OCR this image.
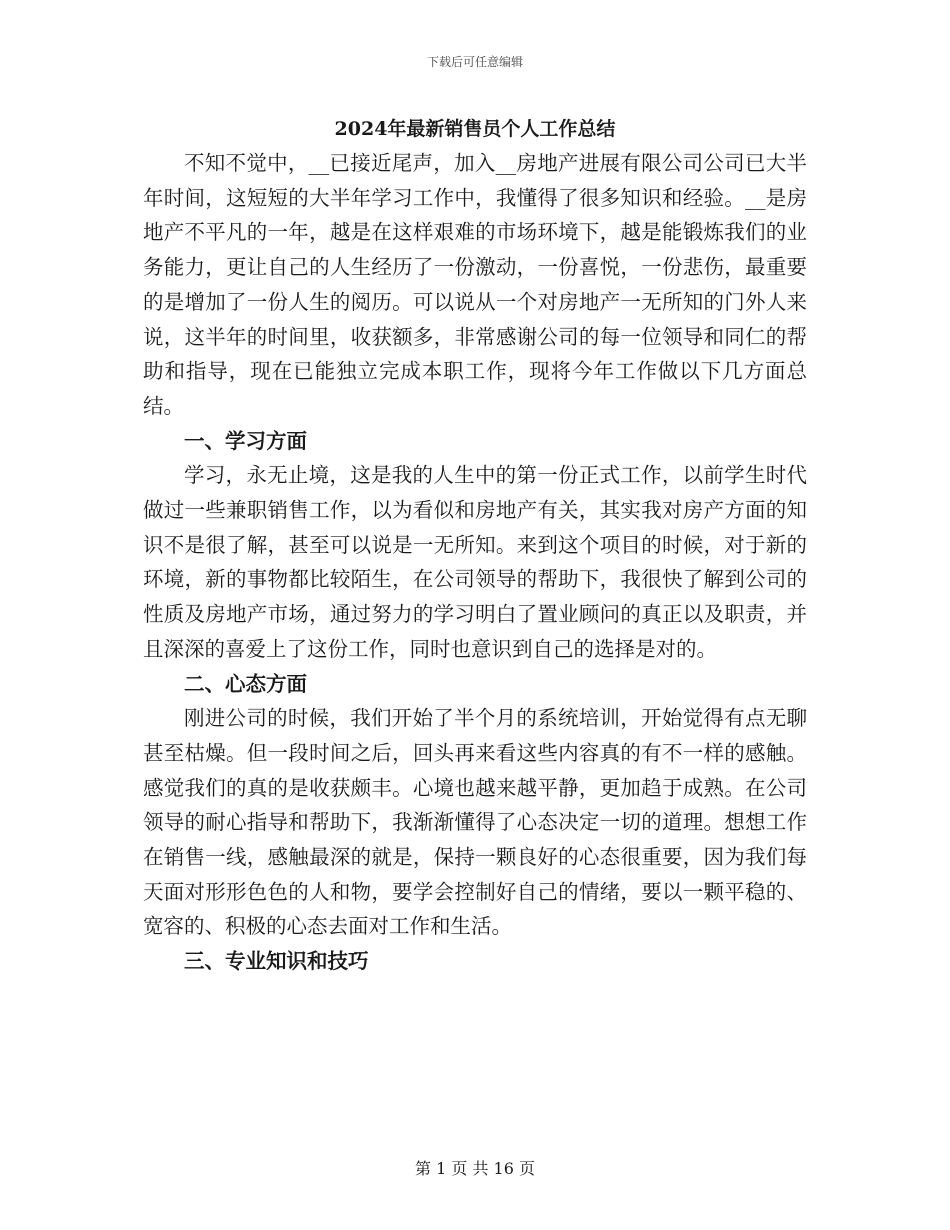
下载后可任意编辑
2024年最新销售员个人工作总结

不知不觉中，__已接近尾声，加入__房地产进展有限公司公司已大半年时间，这短短的大半年学习工作中，我懂得了很多知识和经验。__是房地产不平凡的一年，越是在这样艰难的市场环境下，越是能锻炼我们的业务能力，更让自己的人生经历了一份激动，一份喜悦，一份悲伤，最重要的是增加了一份人生的阅历。可以说从一个对房地产一无所知的门外人来说，这半年的时间里，收获额多，非常感谢公司的每一位领导和同仁的帮助和指导，现在已能独立完成本职工作，现将今年工作做以下几方面总结。

一、学习方面

学习，永无止境，这是我的人生中的第一份正式工作，以前学生时代做过一些兼职销售工作，以为看似和房地产有关，其实我对房产方面的知识不是很了解，甚至可以说是一无所知。来到这个项目的时候，对于新的环境，新的事物都比较陌生，在公司领导的帮助下，我很快了解到公司的性质及房地产市场，通过努力的学习明白了置业顾问的真正以及职责，并且深深的喜爱上了这份工作，同时也意识到自己的选择是对的。

二、心态方面

刚进公司的时候，我们开始了半个月的系统培训，开始觉得有点无聊甚至枯燥。但一段时间之后，回头再来看这些内容真的有不一样的感触。感觉我们的真的是收获颇丰。心境也越来越平静，更加趋于成熟。在公司领导的耐心指导和帮助下，我渐渐懂得了心态决定一切的道理。想想工作在销售一线，感触最深的就是，保持一颗良好的心态很重要，因为我们每天面对形形色色的人和物，要学会控制好自己的情绪，要以一颗平稳的、宽容的、积极的心态去面对工作和生活。

三、专业知识和技巧
第 1 页 共 16 页
